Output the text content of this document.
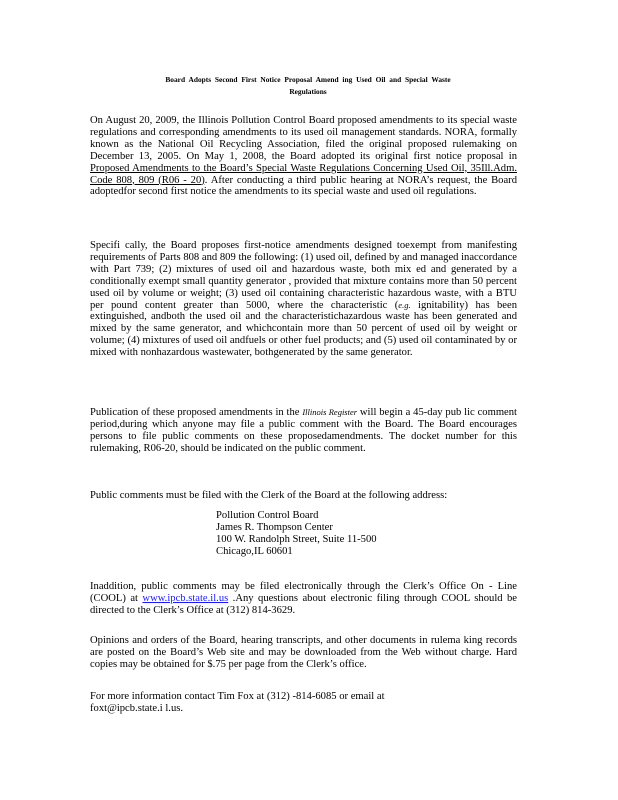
Board Adopts Second First Notice Proposal Amend ing Used Oil and Special Waste
Regulations

On August 20, 2009, the Illinois Pollution Control Board proposed amendments to its special waste regulations and corresponding amendments to its used oil management standards. NORA, formally known as the National Oil Recycling Association, filed the original proposed rulemaking on December 13, 2005. On May 1, 2008, the Board adopted its original first notice proposal in Proposed Amendments to the Board’s Special Waste Regulations Concerning Used Oil, 35Ill.Adm. Code 808, 809 (R06 - 20). After conducting a third public hearing at NORA’s request, the Board adoptedfor second first notice the amendments to its special waste and used oil regulations.

Specifi cally, the Board proposes first-notice amendments designed toexempt from manifesting requirements of Parts 808 and 809 the following: (1) used oil, defined by and managed inaccordance with Part 739; (2) mixtures of used oil and hazardous waste, both mix ed and generated by a conditionally exempt small quantity generator , provided that mixture contains more than 50 percent used oil by volume or weight; (3) used oil containing characteristic hazardous waste, with a BTU per pound content greater than 5000, where the characteristic (e.g. ignitability) has been extinguished, andboth the used oil and the characteristichazardous waste has been generated and mixed by the same generator, and whichcontain more than 50 percent of used oil by weight or volume; (4) mixtures of used oil andfuels or other fuel products; and (5) used oil contaminated by or mixed with nonhazardous wastewater, bothgenerated by the same generator.

Publication of these proposed amendments in the Illinois Register will begin a 45-day pub lic comment period,during which anyone may file a public comment with the Board. The Board encourages persons to file public comments on these proposedamendments. The docket number for this rulemaking, R06-20, should be indicated on the public comment.

Public comments must be filed with the Clerk of the Board at the following address:

Pollution Control Board
James R. Thompson Center
100 W. Randolph Street, Suite 11-500
Chicago,IL 60601

Inaddition, public comments may be filed electronically through the Clerk’s Office On - Line (COOL) at www.ipcb.state.il.us .Any questions about electronic filing through COOL should be directed to the Clerk’s Office at (312) 814-3629.

Opinions and orders of the Board, hearing transcripts, and other documents in rulema king records are posted on the Board’s Web site and may be downloaded from the Web without charge. Hard copies may be obtained for $.75 per page from the Clerk’s office.

For more information contact Tim Fox at (312) -814-6085 or email at
foxt@ipcb.state.i l.us.
